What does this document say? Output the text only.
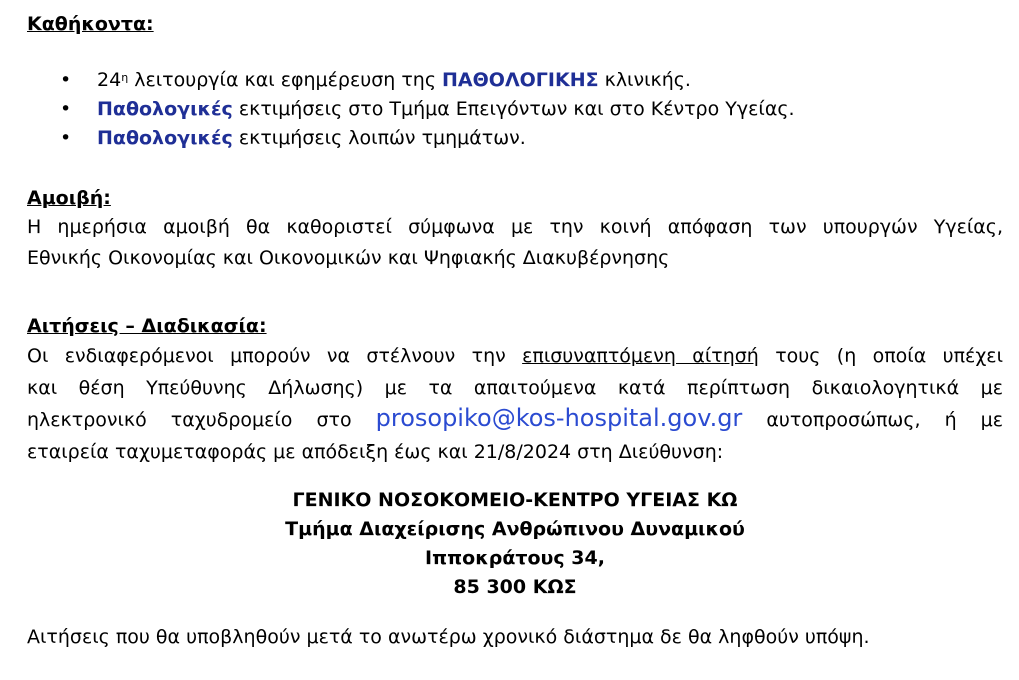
Καθήκοντα:
• $24^\eta$ λειτουργία και εφημέρευση της ΠΑΘΟΛΟΓΙΚΗΣ κλινικής.
• Παθολογικές εκτιμήσεις στο Τμήμα Επειγόντων και στο Κέντρο Υγείας.
• Παθολογικές εκτιμήσεις λοιπών τμημάτων.
Αμοιβή:
Η ημερήσια αμοιβή θα καθοριστεί σύμφωνα με την κοινή απόφαση των υπουργών Υγείας,
Εθνικής Οικονομίας και Οικονομικών και Ψηφιακής Διακυβέρνησης
Αιτήσεις – Διαδικασία:
Οι ενδιαφερόμενοι μπορούν να στέλνουν την επισυναπτόμενη αίτησή τους (η οποία υπέχει
και θέση Υπεύθυνης Δήλωσης) με τα απαιτούμενα κατά περίπτωση δικαιολογητικά με
ηλεκτρονικό ταχυδρομείο στο prosopiko@kos-hospital.gov.gr αυτοπροσώπως, ή με
εταιρεία ταχυμεταφοράς με απόδειξη έως και 21/8/2024 στη Διεύθυνση:
ΓΕΝΙΚΟ ΝΟΣΟΚΟΜΕΙΟ-ΚΕΝΤΡΟ ΥΓΕΙΑΣ ΚΩ
Τμήμα Διαχείρισης Ανθρώπινου Δυναμικού
Ιπποκράτους 34,
85 300 ΚΩΣ
Αιτήσεις που θα υποβληθούν μετά το ανωτέρω χρονικό διάστημα δε θα ληφθούν υπόψη.
